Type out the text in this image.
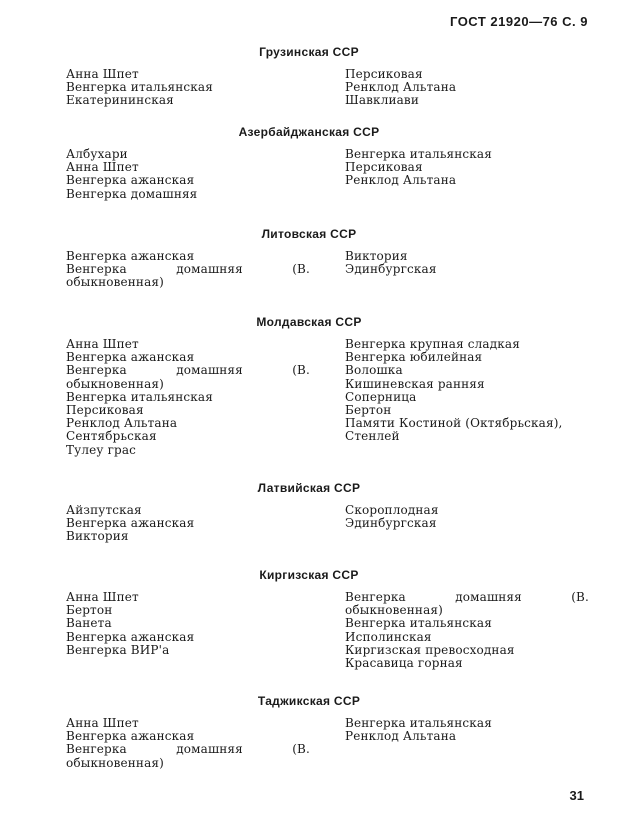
ГОСТ 21920—76 С. 9
Грузинская ССР
Анна Шпет
Венгерка итальянская
Екатерининская
Персиковая
Ренклод Альтана
Шавклиави
Азербайджанская ССР
Албухари
Анна Шпет
Венгерка ажанская
Венгерка домашняя
Венгерка итальянская
Персиковая
Ренклод Альтана
Литовская ССР
Венгерка ажанская
Венгерка домашняя (В. обыкновенная)
Виктория
Эдинбургская
Молдавская ССР
Анна Шпет
Венгерка ажанская
Венгерка домашняя (В. обыкновенная)
Венгерка итальянская
Персиковая
Ренклод Альтана
Сентябрьская
Тулеу грас
Венгерка крупная сладкая
Венгерка юбилейная
Волошка
Кишиневская ранняя
Соперница
Бертон
Памяти Костиной (Октябрьская),
Стенлей
Латвийская ССР
Айзпутская
Венгерка ажанская
Виктория
Скороплодная
Эдинбургская
Киргизская ССР
Анна Шпет
Бертон
Ванета
Венгерка ажанская
Венгерка ВИР'а
Венгерка домашняя (В. обыкновенная)
Венгерка итальянская
Исполинская
Киргизская превосходная
Красавица горная
Таджикская ССР
Анна Шпет
Венгерка ажанская
Венгерка домашняя (В. обыкновенная)
Венгерка итальянская
Ренклод Альтана
31
